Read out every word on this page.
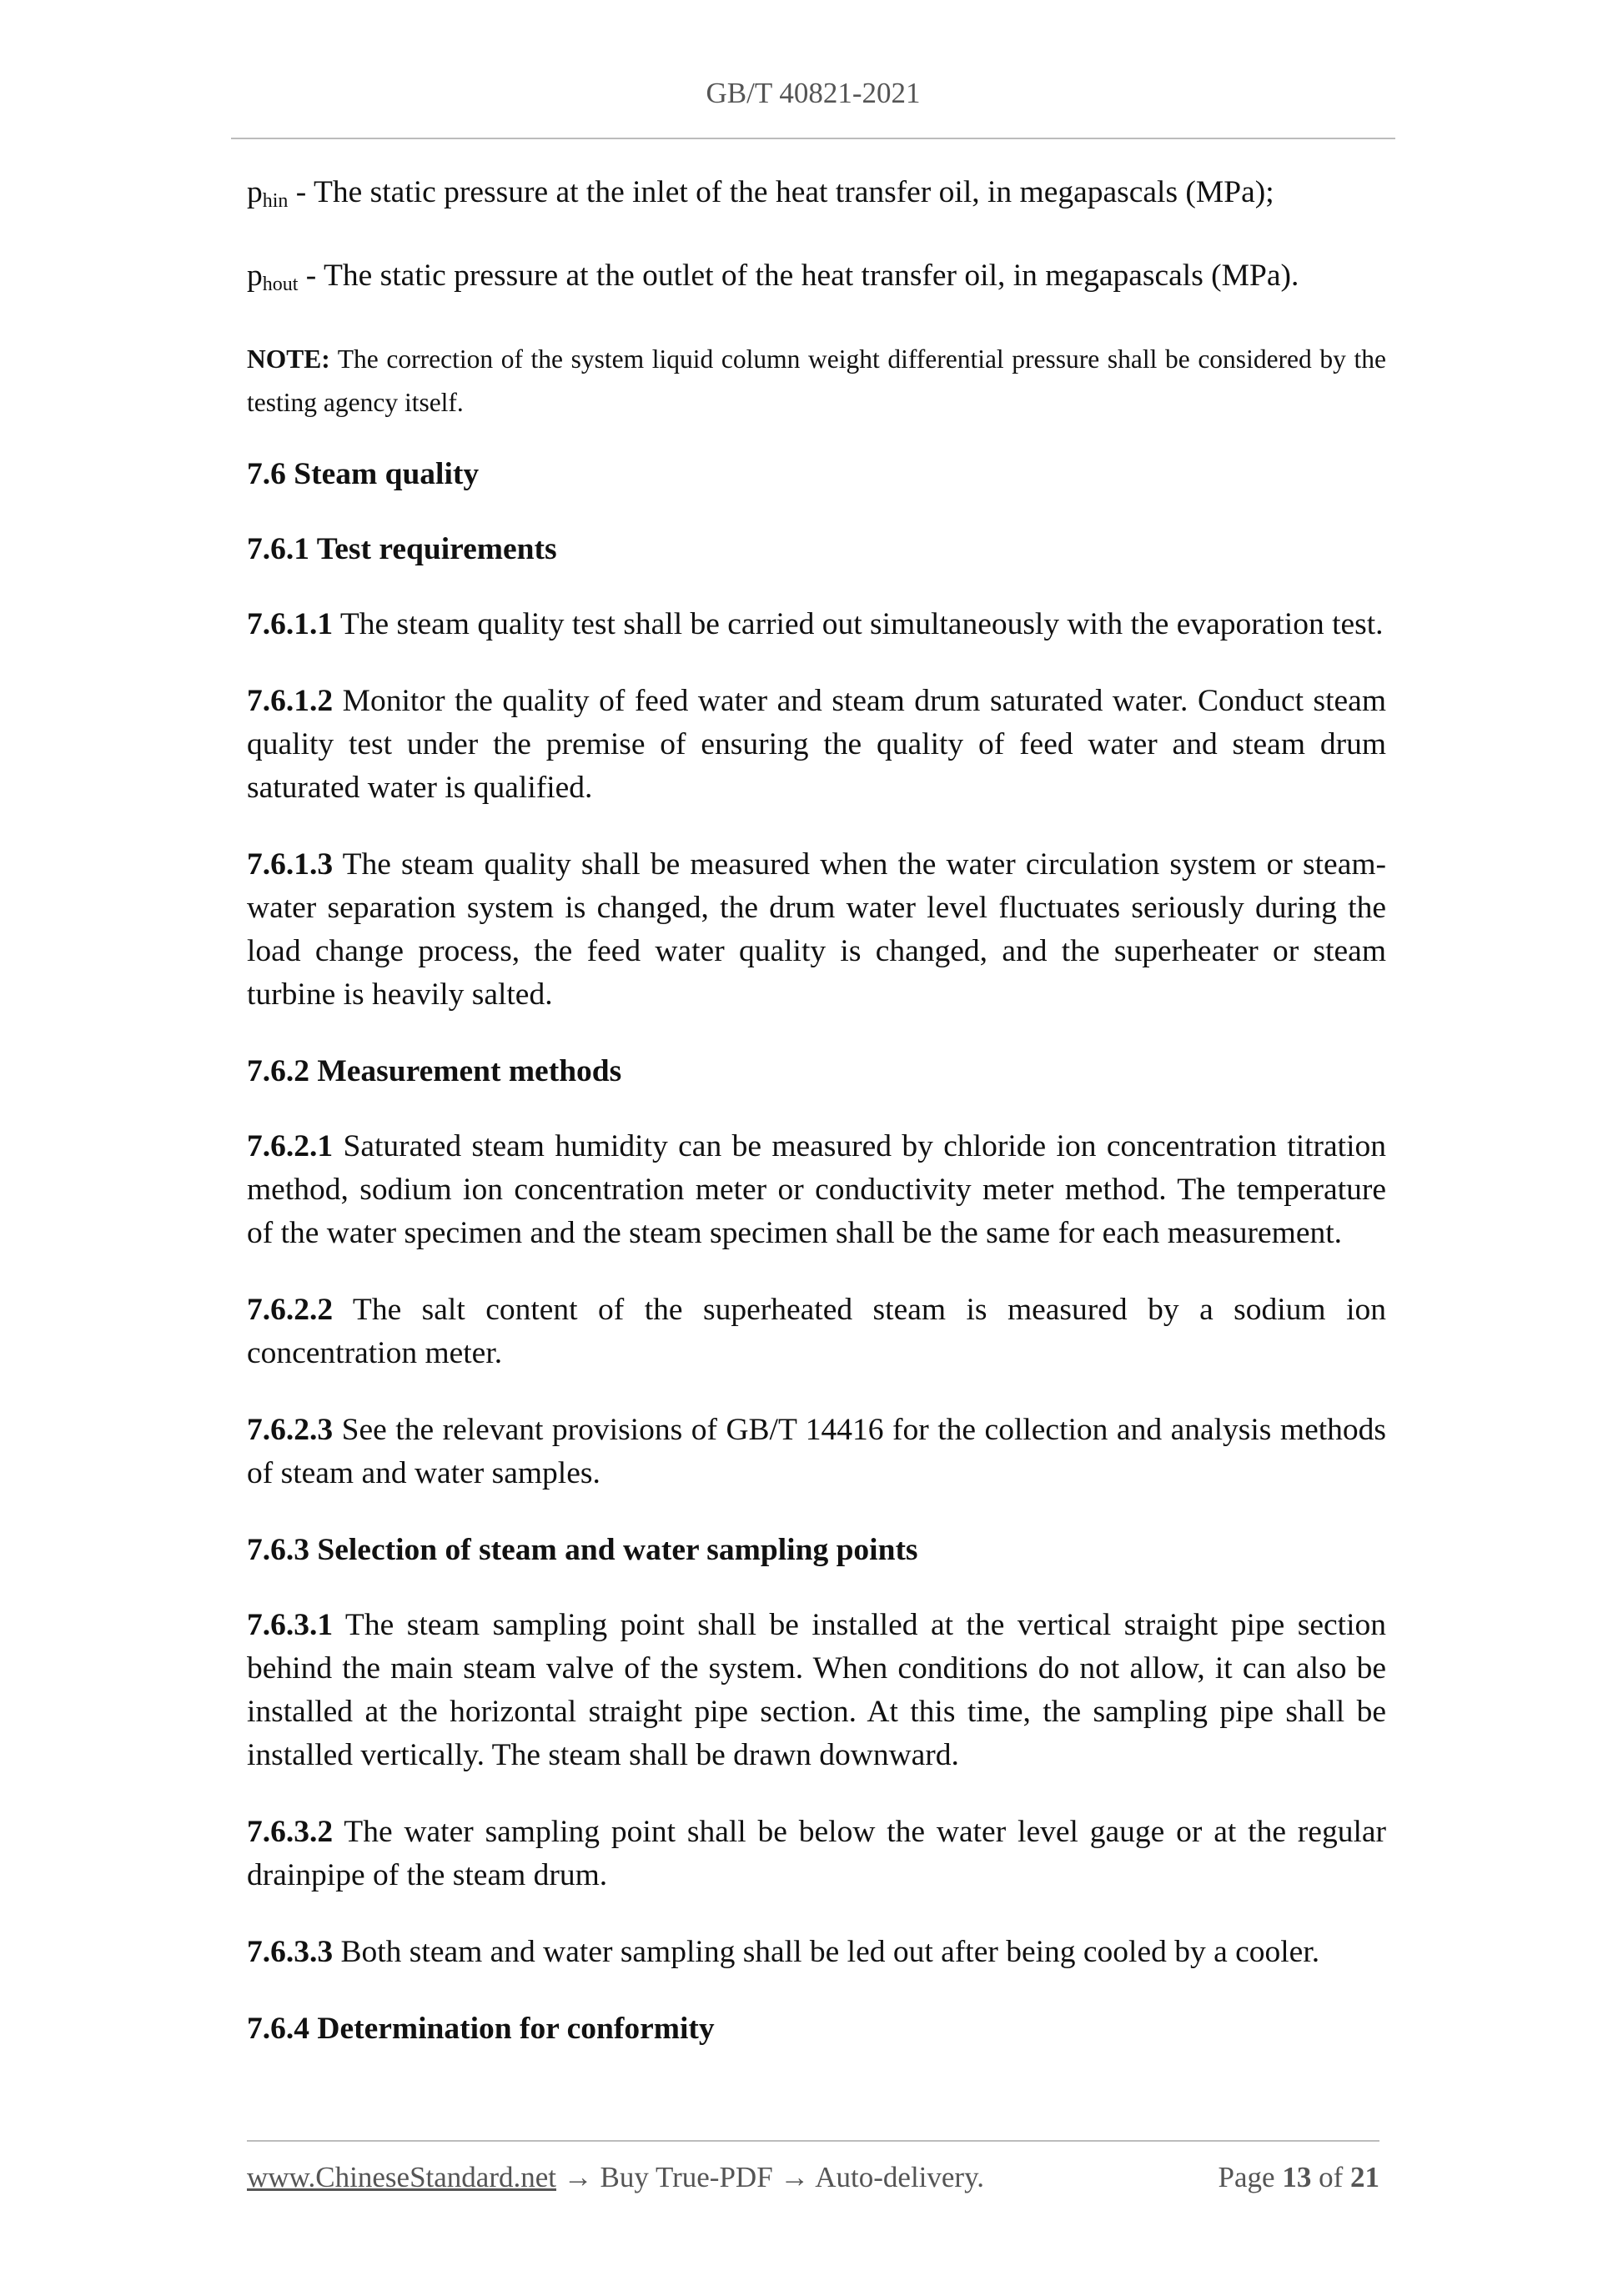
GB/T 40821-2021

phin - The static pressure at the inlet of the heat transfer oil, in megapascals (MPa);

phout - The static pressure at the outlet of the heat transfer oil, in megapascals (MPa).

NOTE: The correction of the system liquid column weight differential pressure shall be considered by the testing agency itself.

7.6 Steam quality

7.6.1 Test requirements

7.6.1.1 The steam quality test shall be carried out simultaneously with the evaporation test.

7.6.1.2 Monitor the quality of feed water and steam drum saturated water. Conduct steam quality test under the premise of ensuring the quality of feed water and steam drum saturated water is qualified.

7.6.1.3 The steam quality shall be measured when the water circulation system or steam-water separation system is changed, the drum water level fluctuates seriously during the load change process, the feed water quality is changed, and the superheater or steam turbine is heavily salted.

7.6.2 Measurement methods

7.6.2.1 Saturated steam humidity can be measured by chloride ion concentration titration method, sodium ion concentration meter or conductivity meter method. The temperature of the water specimen and the steam specimen shall be the same for each measurement.

7.6.2.2 The salt content of the superheated steam is measured by a sodium ion concentration meter.

7.6.2.3 See the relevant provisions of GB/T 14416 for the collection and analysis methods of steam and water samples.

7.6.3 Selection of steam and water sampling points

7.6.3.1 The steam sampling point shall be installed at the vertical straight pipe section behind the main steam valve of the system. When conditions do not allow, it can also be installed at the horizontal straight pipe section. At this time, the sampling pipe shall be installed vertically. The steam shall be drawn downward.

7.6.3.2 The water sampling point shall be below the water level gauge or at the regular drainpipe of the steam drum.

7.6.3.3 Both steam and water sampling shall be led out after being cooled by a cooler.

7.6.4 Determination for conformity

www.ChineseStandard.net → Buy True-PDF → Auto-delivery.	Page 13 of 21
